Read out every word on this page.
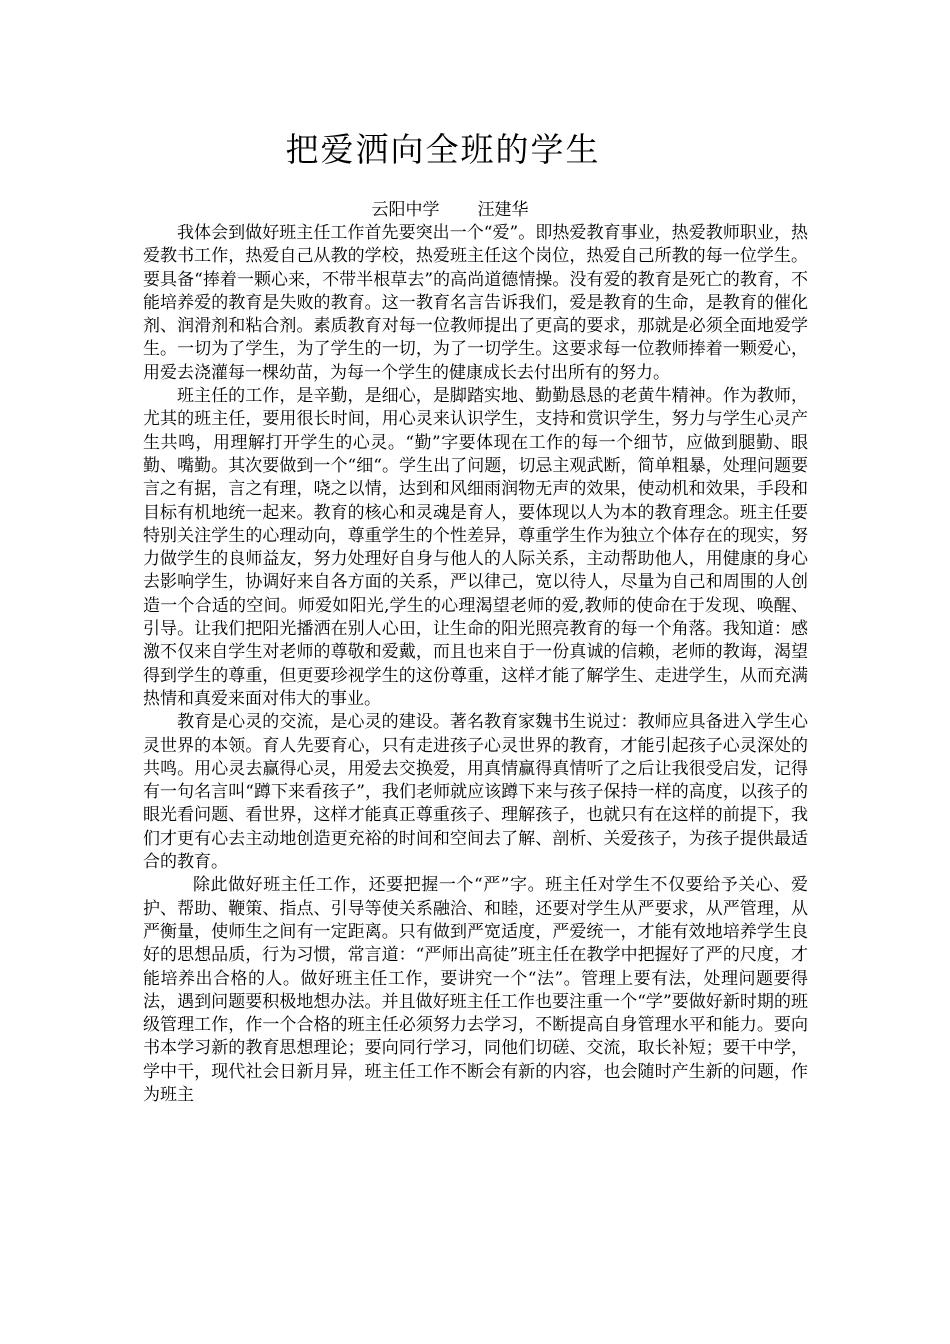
把爱洒向全班的学生

云阳中学 汪建华

我体会到做好班主任工作首先要突出一个“爱”。即热爱教育事业，热爱教师职业，热爱教书工作，热爱自己从教的学校，热爱班主任这个岗位，热爱自己所教的每一位学生。要具备“捧着一颗心来，不带半根草去”的高尚道德情操。没有爱的教育是死亡的教育，不能培养爱的教育是失败的教育。这一教育名言告诉我们，爱是教育的生命，是教育的催化剂、润滑剂和粘合剂。素质教育对每一位教师提出了更高的要求，那就是必须全面地爱学生。一切为了学生，为了学生的一切，为了一切学生。这要求每一位教师捧着一颗爱心，用爱去浇灌每一棵幼苗，为每一个学生的健康成长去付出所有的努力。

班主任的工作，是辛勤，是细心，是脚踏实地、勤勤恳恳的老黄牛精神。作为教师，尤其的班主任，要用很长时间，用心灵来认识学生，支持和赏识学生，努力与学生心灵产生共鸣，用理解打开学生的心灵。“勤”字要体现在工作的每一个细节，应做到腿勤、眼勤、嘴勤。其次要做到一个“细“。学生出了问题，切忌主观武断，简单粗暴，处理问题要言之有据，言之有理，哓之以情，达到和风细雨润物无声的效果，使动机和效果，手段和目标有机地统一起来。教育的核心和灵魂是育人，要体现以人为本的教育理念。班主任要特别关注学生的心理动向，尊重学生的个性差异，尊重学生作为独立个体存在的现实，努力做学生的良师益友，努力处理好自身与他人的人际关系，主动帮助他人，用健康的身心去影响学生，协调好来自各方面的关系，严以律己，宽以待人，尽量为自己和周围的人创造一个合适的空间。师爱如阳光,学生的心理渴望老师的爱,教师的使命在于发现、唤醒、引导。让我们把阳光播洒在别人心田，让生命的阳光照亮教育的每一个角落。我知道：感激不仅来自学生对老师的尊敬和爱戴，而且也来自于一份真诚的信赖，老师的教诲，渴望得到学生的尊重，但更要珍视学生的这份尊重，这样才能了解学生、走进学生，从而充满热情和真爱来面对伟大的事业。

教育是心灵的交流，是心灵的建设。著名教育家魏书生说过：教师应具备进入学生心灵世界的本领。育人先要育心，只有走进孩子心灵世界的教育，才能引起孩子心灵深处的共鸣。用心灵去赢得心灵，用爱去交换爱，用真情赢得真情听了之后让我很受启发，记得有一句名言叫“蹲下来看孩子”，我们老师就应该蹲下来与孩子保持一样的高度，以孩子的眼光看问题、看世界，这样才能真正尊重孩子、理解孩子，也就只有在这样的前提下，我们才更有心去主动地创造更充裕的时间和空间去了解、剖析、关爱孩子，为孩子提供最适合的教育。

除此做好班主任工作，还要把握一个“严”字。班主任对学生不仅要给予关心、爱护、帮助、鞭策、指点、引导等使关系融洽、和睦，还要对学生从严要求，从严管理，从严衡量，使师生之间有一定距离。只有做到严宽适度，严爱统一，才能有效地培养学生良好的思想品质，行为习惯，常言道：“严师出高徒”班主任在教学中把握好了严的尺度，才能培养出合格的人。做好班主任工作，要讲究一个“法”。管理上要有法，处理问题要得法，遇到问题要积极地想办法。并且做好班主任工作也要注重一个“学”要做好新时期的班级管理工作，作一个合格的班主任必须努力去学习，不断提高自身管理水平和能力。要向书本学习新的教育思想理论；要向同行学习，同他们切磋、交流，取长补短；要干中学，学中干，现代社会日新月异，班主任工作不断会有新的内容，也会随时产生新的问题，作为班主
